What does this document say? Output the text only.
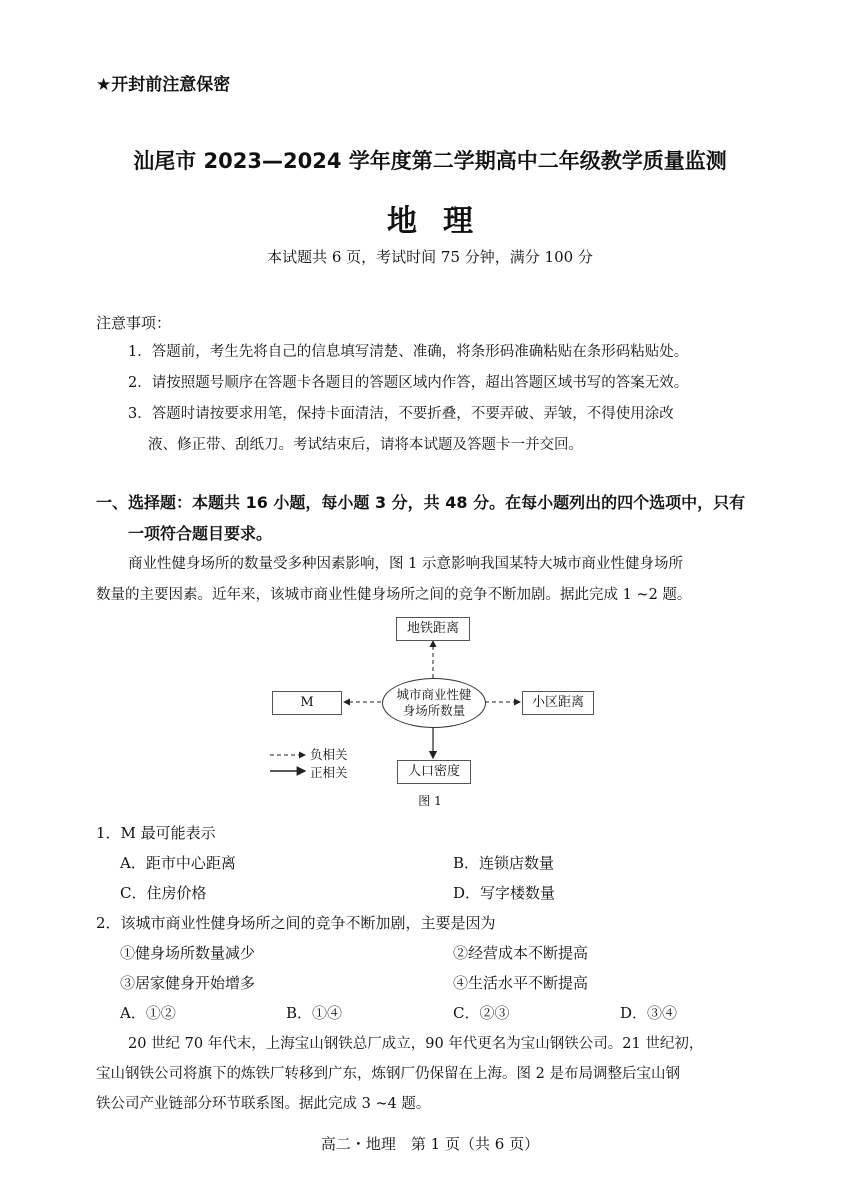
★开封前注意保密
汕尾市 2023—2024 学年度第二学期高中二年级教学质量监测
地理
本试题共 6 页，考试时间 75 分钟，满分 100 分
注意事项：
1．答题前，考生先将自己的信息填写清楚、准确，将条形码准确粘贴在条形码粘贴处。
2．请按照题号顺序在答题卡各题目的答题区域内作答，超出答题区域书写的答案无效。
3．答题时请按要求用笔，保持卡面清洁，不要折叠，不要弄破、弄皱，不得使用涂改
液、修正带、刮纸刀。考试结束后，请将本试题及答题卡一并交回。
一、选择题：本题共 16 小题，每小题 3 分，共 48 分。在每小题列出的四个选项中，只有
一项符合题目要求。
商业性健身场所的数量受多种因素影响，图 1 示意影响我国某特大城市商业性健身场所
数量的主要因素。近年来，该城市商业性健身场所之间的竞争不断加剧。据此完成 1 ~2 题。
地铁距离
M	小区距离
人口密度
城市商业性健
身场所数量
负相关
正相关
图 1
1．M 最可能表示
A．距市中心距离	B．连锁店数量
C．住房价格	D．写字楼数量
2．该城市商业性健身场所之间的竞争不断加剧，主要是因为
①健身场所数量减少	②经营成本不断提高
③居家健身开始增多	④生活水平不断提高
A．①②	B．①④	C．②③	D．③④
20 世纪 70 年代末，上海宝山钢铁总厂成立，90 年代更名为宝山钢铁公司。21 世纪初，
宝山钢铁公司将旗下的炼铁厂转移到广东，炼钢厂仍保留在上海。图 2 是布局调整后宝山钢
铁公司产业链部分环节联系图。据此完成 3 ~4 题。
高二・地理　第 1 页（共 6 页）
